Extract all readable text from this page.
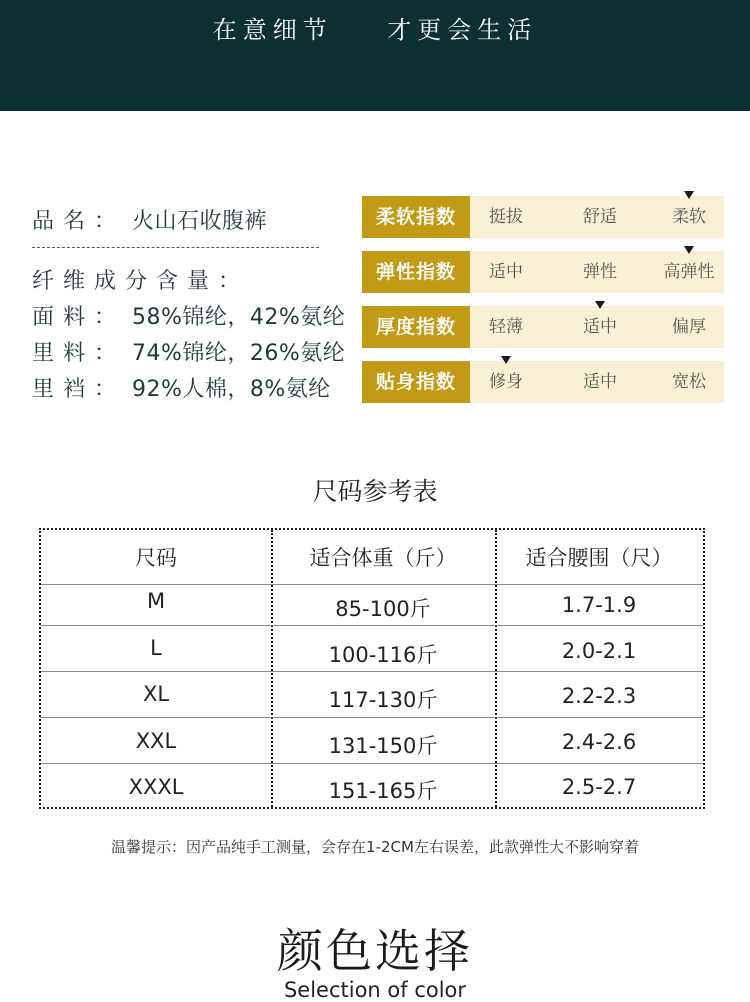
在意细节    才更会生活
品名： 火山石收腹裤
纤维成分含量：
面料： 58%锦纶，42%氨纶
里料： 74%锦纶，26%氨纶
里裆： 92%人棉，8%氨纶
柔软指数	挺拔	舒适	柔软
弹性指数	适中	弹性	高弹性
厚度指数	轻薄	适中	偏厚
贴身指数	修身	适中	宽松
尺码参考表
尺码	适合体重（斤）	适合腰围（尺）
M	85-100斤	1.7-1.9
L	100-116斤	2.0-2.1
XL	117-130斤	2.2-2.3
XXL	131-150斤	2.4-2.6
XXXL	151-165斤	2.5-2.7
温馨提示：因产品纯手工测量，会存在1-2CM左右误差，此款弹性大不影响穿着
颜色选择
Selection of color
